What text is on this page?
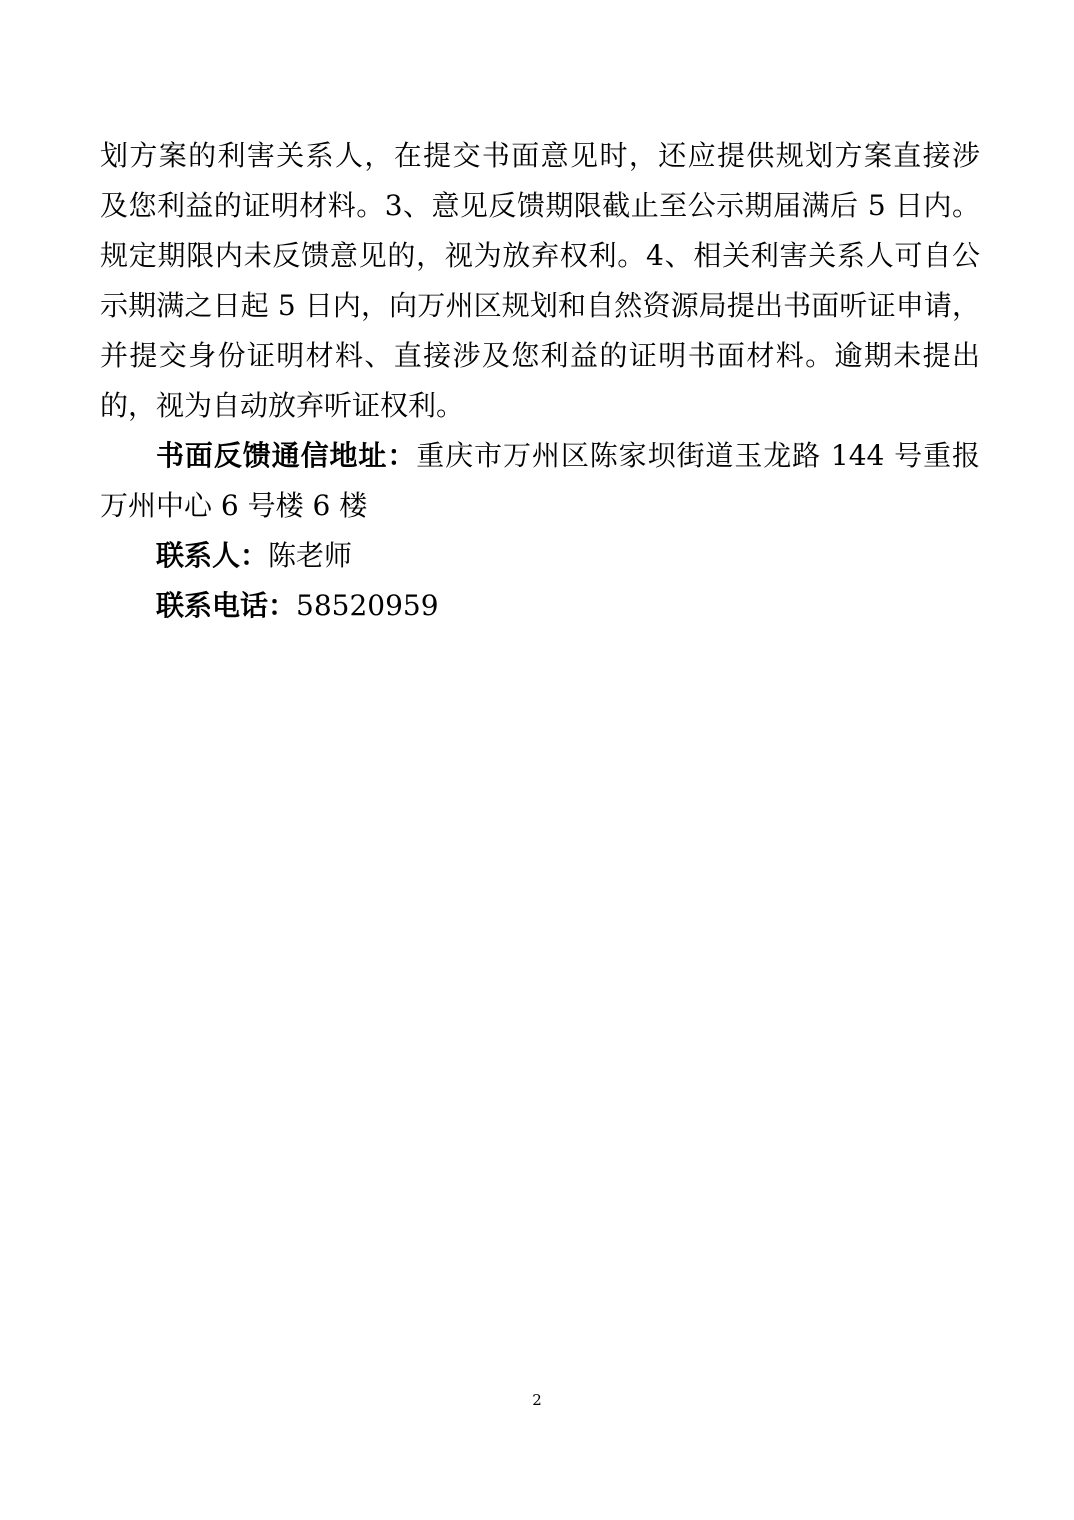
划方案的利害关系人，在提交书面意见时，还应提供规划方案直接涉
及您利益的证明材料。3、意见反馈期限截止至公示期届满后 5 日内。
规定期限内未反馈意见的，视为放弃权利。4、相关利害关系人可自公
示期满之日起 5 日内，向万州区规划和自然资源局提出书面听证申请，
并提交身份证明材料、直接涉及您利益的证明书面材料。逾期未提出
的，视为自动放弃听证权利。
书面反馈通信地址：重庆市万州区陈家坝街道玉龙路 144 号重报
万州中心 6 号楼 6 楼
联系人：陈老师
联系电话：58520959
2
